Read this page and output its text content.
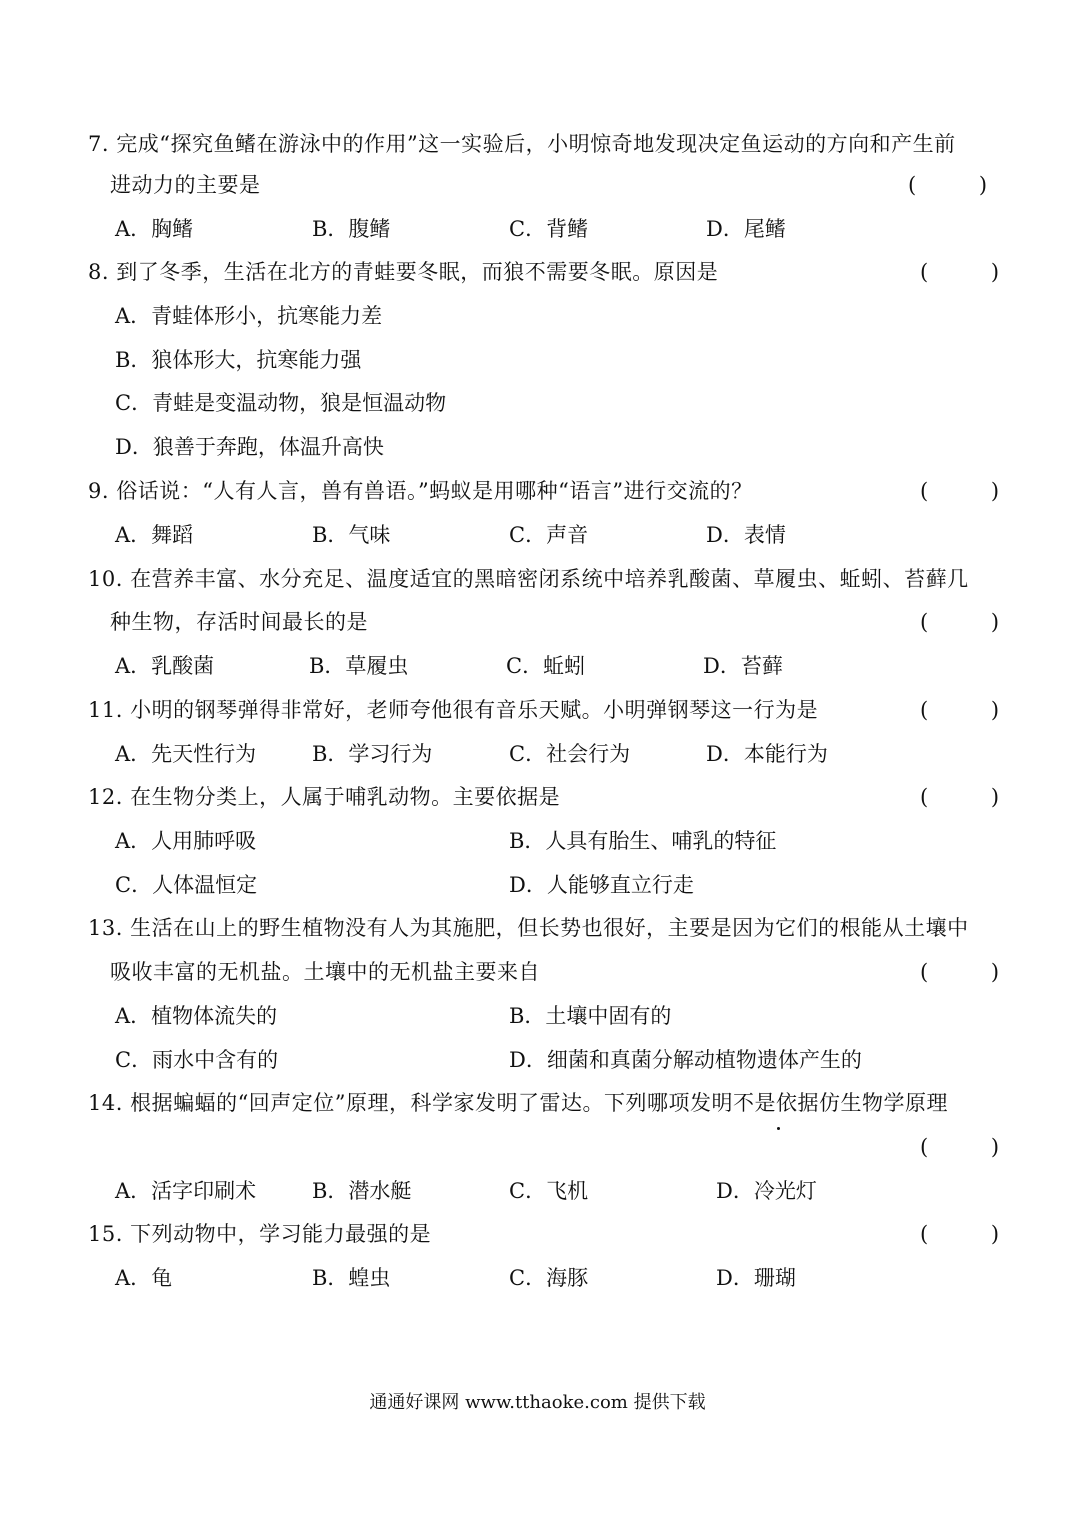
7. 完成“探究鱼鳍在游泳中的作用”这一实验后，小明惊奇地发现决定鱼运动的方向和产生前
进动力的主要是	( )
A．胸鳍	B．腹鳍	C．背鳍	D．尾鳍
8. 到了冬季，生活在北方的青蛙要冬眠，而狼不需要冬眠。原因是	( )
A．青蛙体形小，抗寒能力差
B．狼体形大，抗寒能力强
C．青蛙是变温动物，狼是恒温动物
D．狼善于奔跑，体温升高快
9. 俗话说：“人有人言，兽有兽语。”蚂蚁是用哪种“语言”进行交流的？	( )
A．舞蹈	B．气味	C．声音	D．表情
10. 在营养丰富、水分充足、温度适宜的黑暗密闭系统中培养乳酸菌、草履虫、蚯蚓、苔藓几
种生物，存活时间最长的是	( )
A．乳酸菌	B．草履虫	C．蚯蚓	D．苔藓
11. 小明的钢琴弹得非常好，老师夸他很有音乐天赋。小明弹钢琴这一行为是	( )
A．先天性行为	B．学习行为	C．社会行为	D．本能行为
12. 在生物分类上，人属于哺乳动物。主要依据是	( )
A．人用肺呼吸	B．人具有胎生、哺乳的特征
C．人体温恒定	D．人能够直立行走
13. 生活在山上的野生植物没有人为其施肥，但长势也很好，主要是因为它们的根能从土壤中
吸收丰富的无机盐。土壤中的无机盐主要来自	( )
A．植物体流失的	B．土壤中固有的
C．雨水中含有的	D．细菌和真菌分解动植物遗体产生的
14. 根据蝙蝠的“回声定位”原理，科学家发明了雷达。下列哪项发明不是依据仿生物学原理
( )
A．活字印刷术	B．潜水艇	C．飞机	D．冷光灯
15. 下列动物中，学习能力最强的是	( )
A．龟	B．蝗虫	C．海豚	D．珊瑚
通通好课网 www.tthaoke.com 提供下载
